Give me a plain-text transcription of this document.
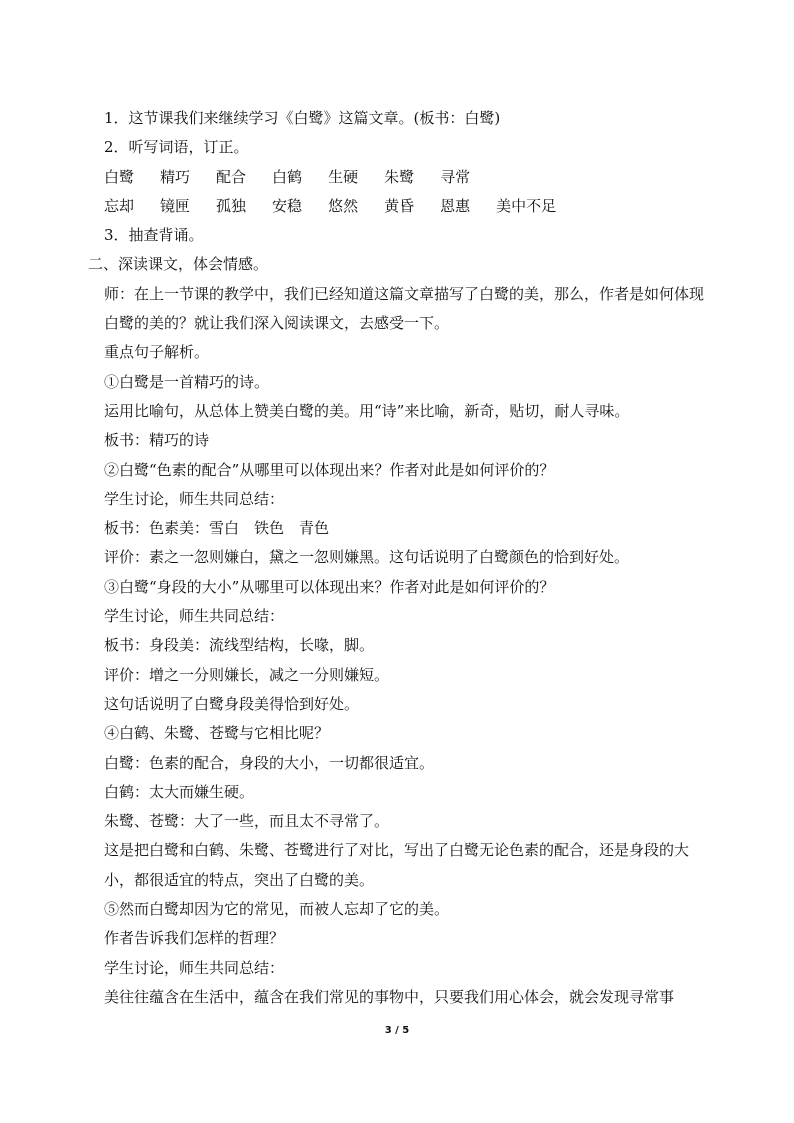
1．这节课我们来继续学习《白鹭》这篇文章。(板书：白鹭)
2．听写词语，订正。
白鹭 精巧 配合 白鹤 生硬 朱鹭 寻常
忘却 镜匣 孤独 安稳 悠然 黄昏 恩惠 美中不足
3．抽查背诵。
二、深读课文，体会情感。
师：在上一节课的教学中，我们已经知道这篇文章描写了白鹭的美，那么，作者是如何体现白鹭的美的？就让我们深入阅读课文，去感受一下。
重点句子解析。
①白鹭是一首精巧的诗。
运用比喻句，从总体上赞美白鹭的美。用“诗”来比喻，新奇，贴切，耐人寻味。
板书：精巧的诗
②白鹭“色素的配合”从哪里可以体现出来？作者对此是如何评价的？
学生讨论，师生共同总结：
板书：色素美：雪白　铁色　青色
评价：素之一忽则嫌白，黛之一忽则嫌黑。这句话说明了白鹭颜色的恰到好处。
③白鹭“身段的大小”从哪里可以体现出来？作者对此是如何评价的？
学生讨论，师生共同总结：
板书：身段美：流线型结构，长喙，脚。
评价：增之一分则嫌长，减之一分则嫌短。
这句话说明了白鹭身段美得恰到好处。
④白鹤、朱鹭、苍鹭与它相比呢？
白鹭：色素的配合，身段的大小，一切都很适宜。
白鹤：太大而嫌生硬。
朱鹭、苍鹭：大了一些，而且太不寻常了。
这是把白鹭和白鹤、朱鹭、苍鹭进行了对比，写出了白鹭无论色素的配合，还是身段的大小，都很适宜的特点，突出了白鹭的美。
⑤然而白鹭却因为它的常见，而被人忘却了它的美。
作者告诉我们怎样的哲理？
学生讨论，师生共同总结：
美往往蕴含在生活中，蕴含在我们常见的事物中，只要我们用心体会，就会发现寻常事
3 / 5
